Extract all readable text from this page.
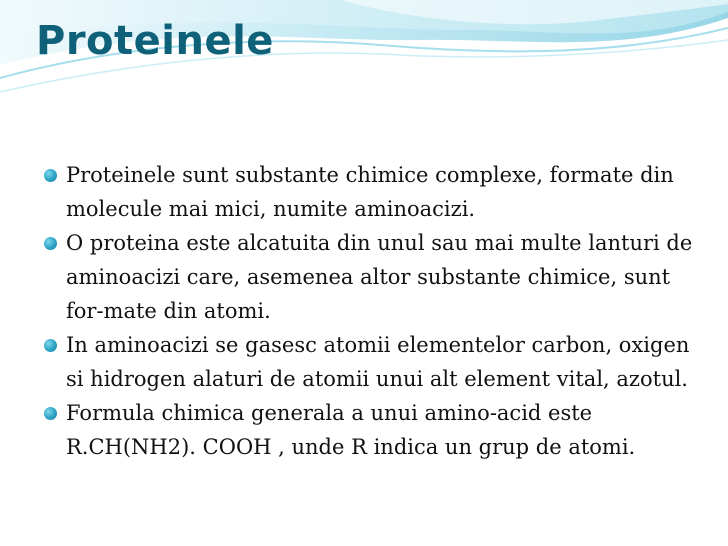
Proteinele
Proteinele sunt substante chimice complexe, formate din molecule mai mici, numite aminoacizi.
O proteina este alcatuita din unul sau mai multe lanturi de aminoacizi care, asemenea altor substante chimice, sunt for-mate din atomi.
In aminoacizi se gasesc atomii elementelor carbon, oxigen si hidrogen alaturi de atomii unui alt element vital, azotul.
Formula chimica generala a unui amino-acid este R.CH(NH2). COOH , unde R indica un grup de atomi.
